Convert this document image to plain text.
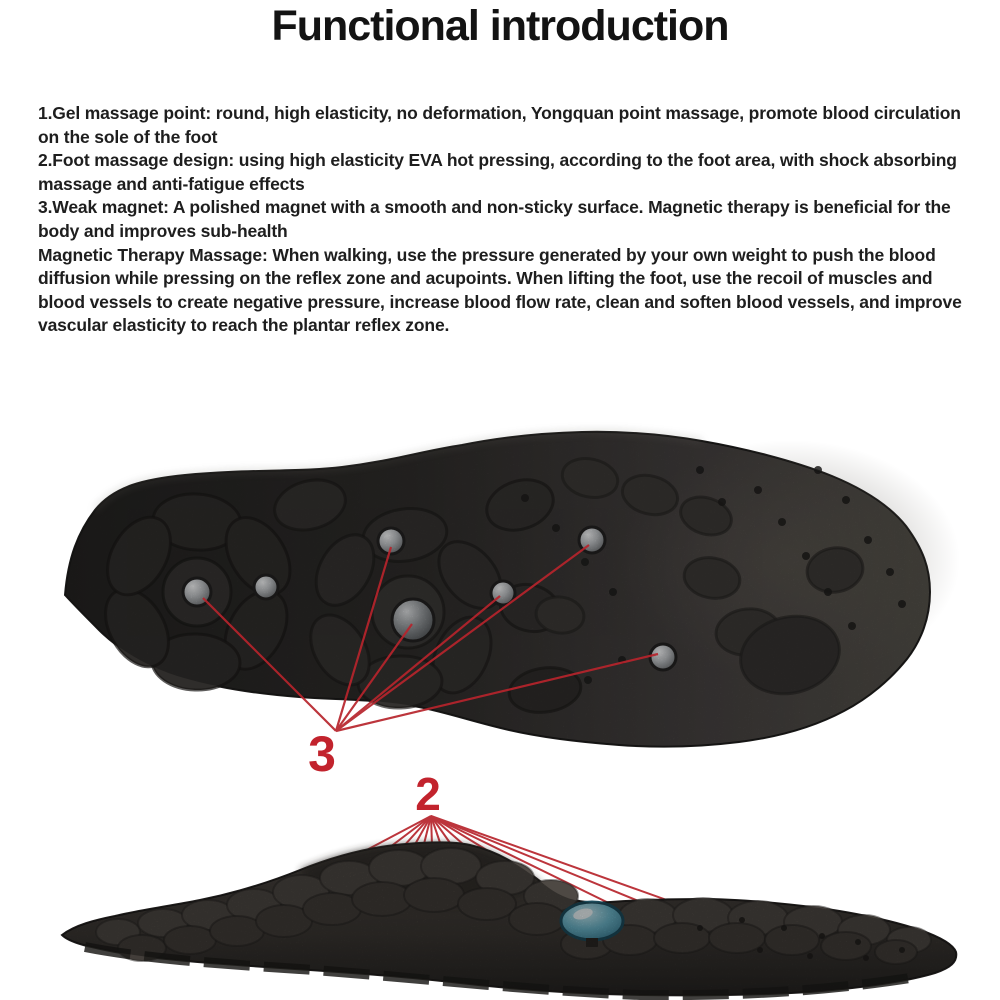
Functional introduction

1.Gel massage point: round, high elasticity, no deformation, Yongquan point massage, promote blood circulation on the sole of the foot

2.Foot massage design: using high elasticity EVA hot pressing, according to the foot area, with shock absorbing massage and anti-fatigue effects

3.Weak magnet: A polished magnet with a smooth and non-sticky surface. Magnetic therapy is beneficial for the body and improves sub-health

Magnetic Therapy Massage: When walking, use the pressure generated by your own weight to push the blood diffusion while pressing on the reflex zone and acupoints. When lifting the foot, use the recoil of muscles and blood vessels to create negative pressure, increase blood flow rate, clean and soften blood vessels, and improve vascular elasticity to reach the plantar reflex zone.

3
2
